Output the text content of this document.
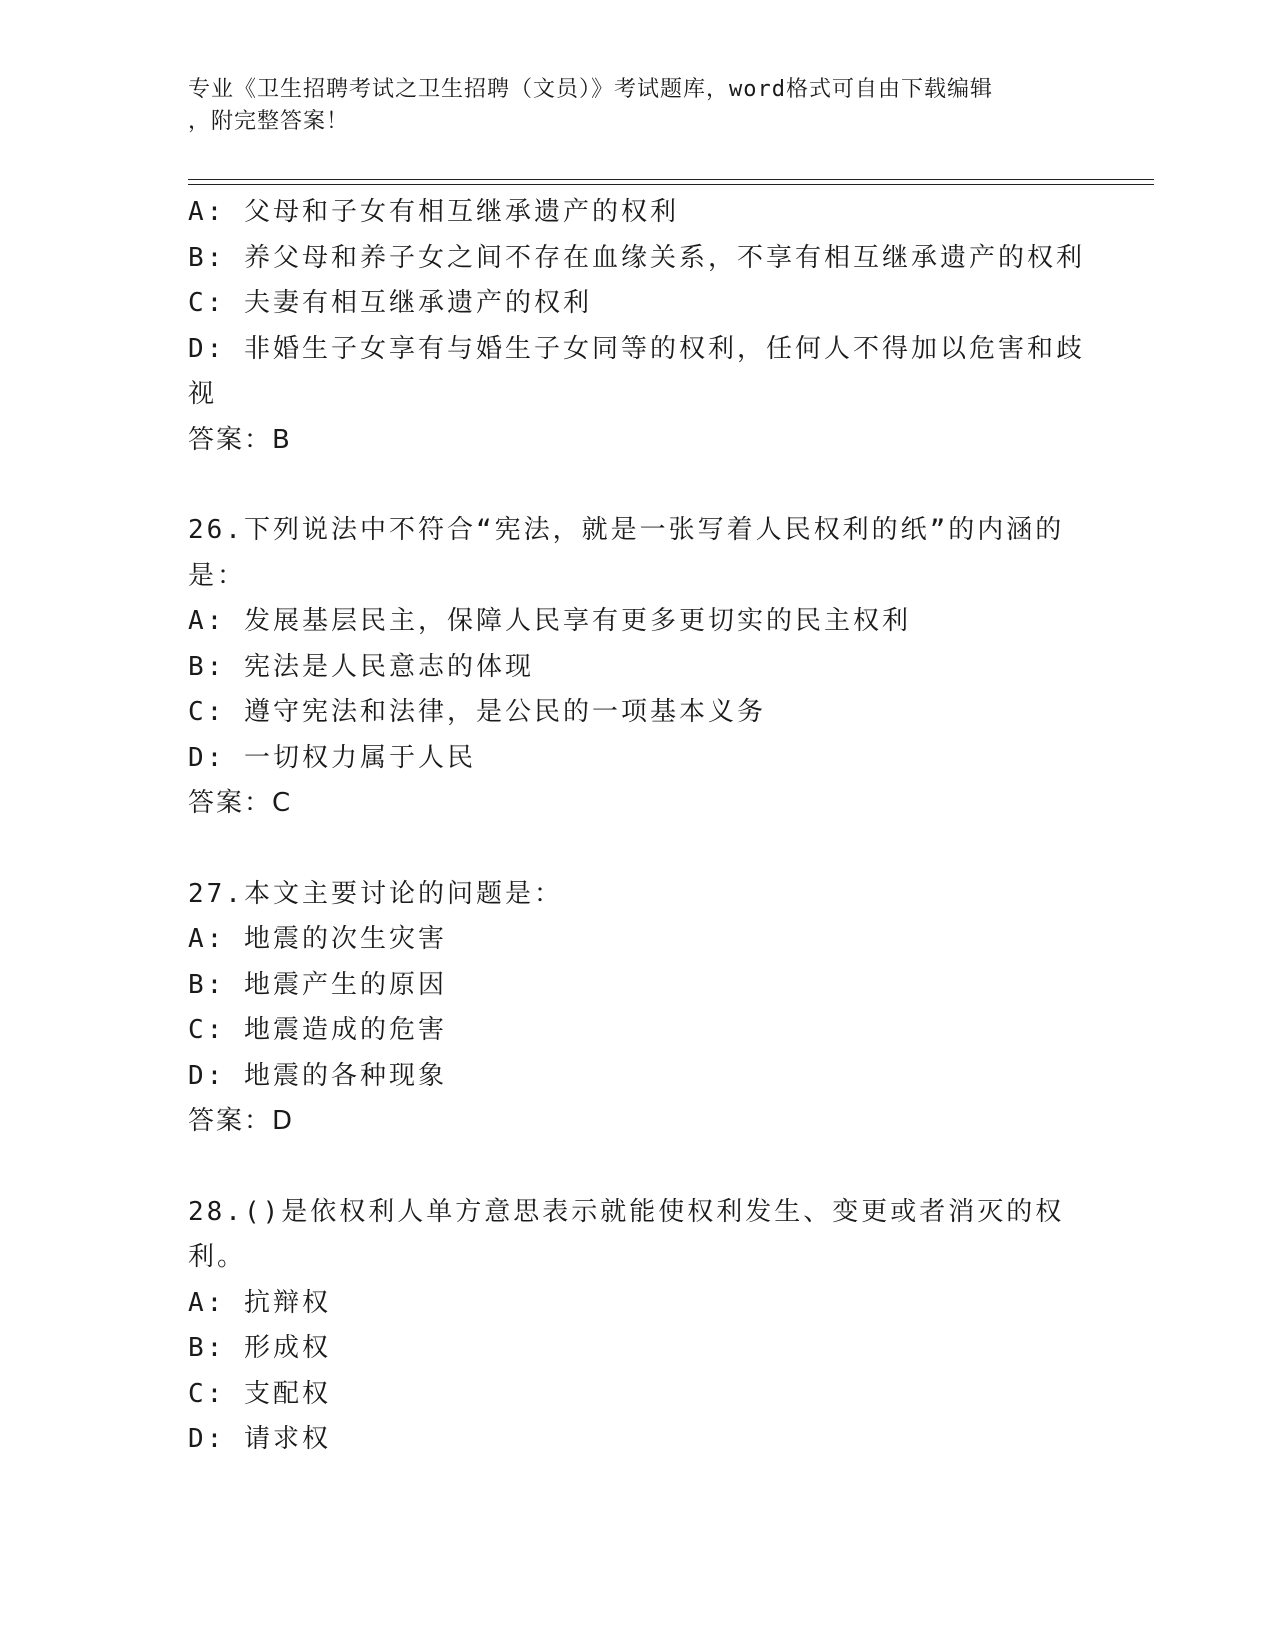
专业《卫生招聘考试之卫生招聘（文员）》考试题库，word格式可自由下载编辑
，附完整答案！
A: 父母和子女有相互继承遗产的权利
B: 养父母和养子女之间不存在血缘关系，不享有相互继承遗产的权利
C: 夫妻有相互继承遗产的权利
D: 非婚生子女享有与婚生子女同等的权利，任何人不得加以危害和歧视
答案：B
26.下列说法中不符合“宪法，就是一张写着人民权利的纸”的内涵的是：
A: 发展基层民主，保障人民享有更多更切实的民主权利
B: 宪法是人民意志的体现
C: 遵守宪法和法律，是公民的一项基本义务
D: 一切权力属于人民
答案：C
27.本文主要讨论的问题是：
A: 地震的次生灾害
B: 地震产生的原因
C: 地震造成的危害
D: 地震的各种现象
答案：D
28.()是依权利人单方意思表示就能使权利发生、变更或者消灭的权利。
A: 抗辩权
B: 形成权
C: 支配权
D: 请求权
